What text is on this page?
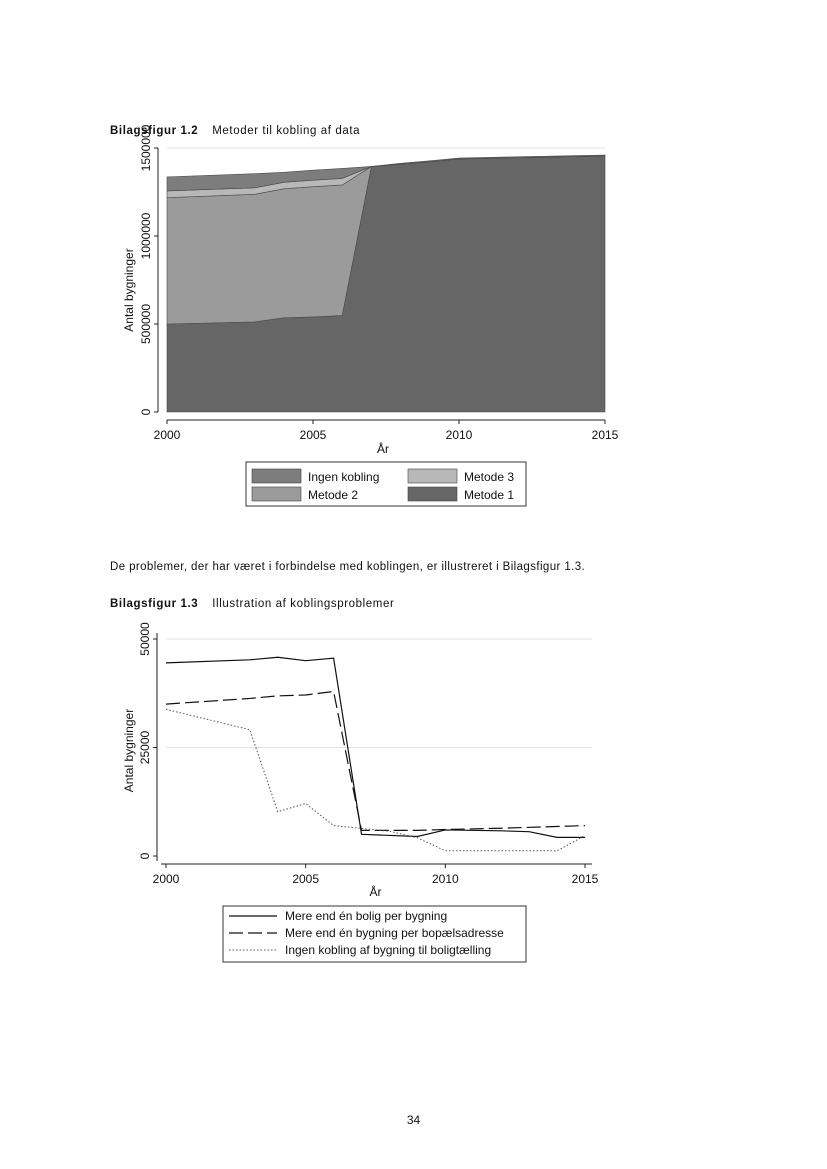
Bilagsfigur 1.2 Metoder til kobling af data
0
500000
1000000
1500000
2000	2005	2010	2015
År
Antal bygninger
Ingen kobling	Metode 3
Metode 2	Metode 1
De problemer, der har været i forbindelse med koblingen, er illustreret i Bilagsfigur 1.3.
Bilagsfigur 1.3 Illustration af koblingsproblemer
0
25000
50000
2000	2005	2010	2015
År
Antal bygninger
Mere end én bolig per bygning
Mere end én bygning per bopælsadresse
Ingen kobling af bygning til boligtælling
34
